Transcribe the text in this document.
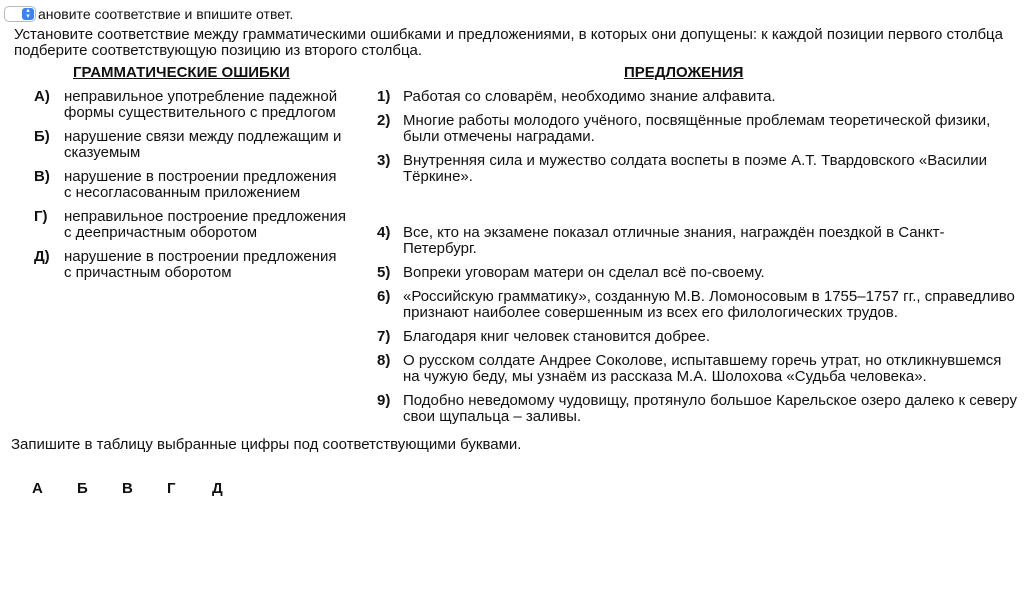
▴
▾ ановите соответствие и впишите ответ.
Установите соответствие между грамматическими ошибками и предложениями, в которых они допущены: к каждой позиции первого столбца подберите соответствующую позицию из второго столбца.
ГРАММАТИЧЕСКИЕ ОШИБКИ
А) неправильное употребление падежной формы существительного с предлогом
Б) нарушение связи между подлежащим и сказуемым
В) нарушение в построении предложения с несогласованным приложением
Г)	неправильное построение предложения с деепричастным оборотом
Д) нарушение в построении предложения с причастным оборотом
ПРЕДЛОЖЕНИЯ
1) Работая со словарём, необходимо знание алфавита.
2) Многие работы молодого учёного, посвящённые проблемам теоретической физики, были отмечены наградами.
3) Внутренняя сила и мужество солдата воспеты в поэме А.Т. Твардовского «Василии Тёркине».
4) Все, кто на экзамене показал отличные знания, награждён поездкой в Санкт-Петербург.
5) Вопреки уговорам матери он сделал всё по-своему.
6) «Российскую грамматику», созданную М.В. Ломоносовым в 1755–1757 гг., справедливо признают наиболее совершенным из всех его филологических трудов.
7) Благодаря книг человек становится добрее.
8) О русском солдате Андрее Соколове, испытавшему горечь утрат, но откликнувшемся на чужую беду, мы узнаём из рассказа М.А. Шолохова «Судьба человека».
9) Подобно неведомому чудовищу, протянуло большое Карельское озеро далеко к северу свои щупальца – заливы.
Запишите в таблицу выбранные цифры под соответствующими буквами.
А	Б	В	Г	Д
